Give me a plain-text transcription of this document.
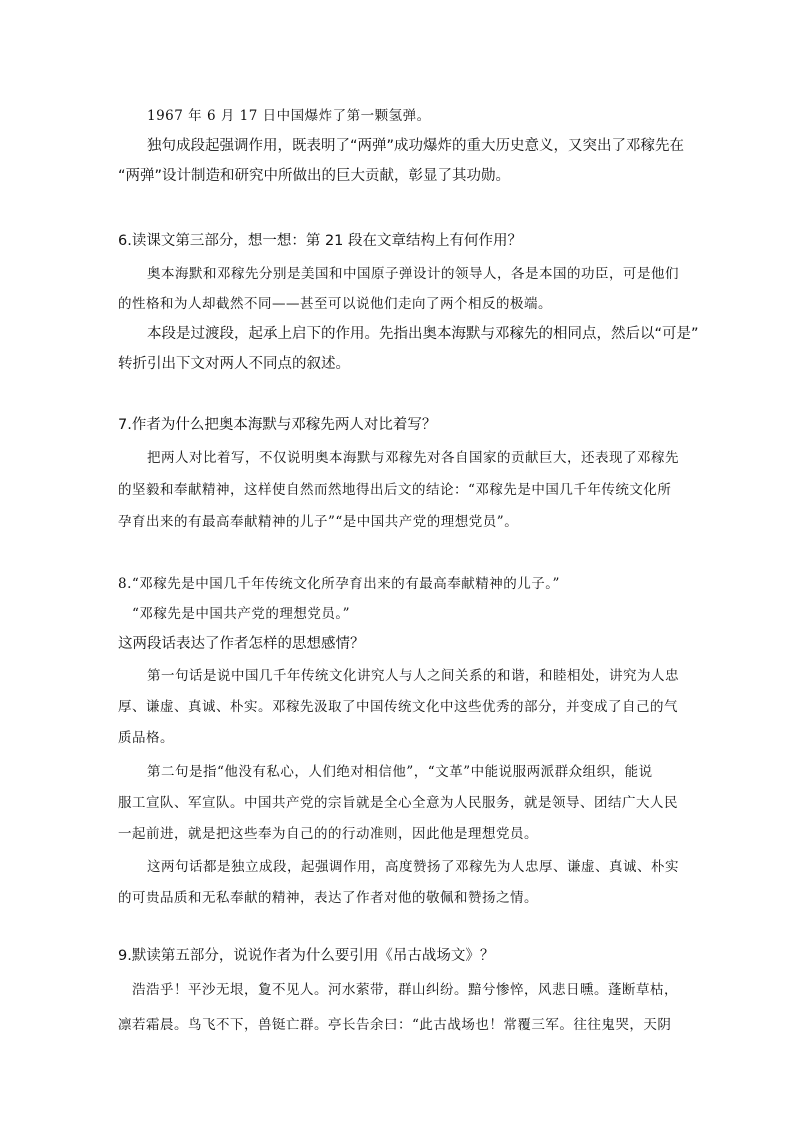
1967 年 6 月 17 日中国爆炸了第一颗氢弹。
独句成段起强调作用，既表明了“两弹”成功爆炸的重大历史意义，又突出了邓稼先在
“两弹”设计制造和研究中所做出的巨大贡献，彰显了其功勋。
6.读课文第三部分，想一想：第 21 段在文章结构上有何作用？
奥本海默和邓稼先分别是美国和中国原子弹设计的领导人，各是本国的功臣，可是他们
的性格和为人却截然不同——甚至可以说他们走向了两个相反的极端。
本段是过渡段，起承上启下的作用。先指出奥本海默与邓稼先的相同点，然后以“可是”
转折引出下文对两人不同点的叙述。
7.作者为什么把奥本海默与邓稼先两人对比着写？
把两人对比着写，不仅说明奥本海默与邓稼先对各自国家的贡献巨大，还表现了邓稼先
的坚毅和奉献精神，这样使自然而然地得出后文的结论：“邓稼先是中国几千年传统文化所
孕育出来的有最高奉献精神的儿子”“是中国共产党的理想党员”。
8.“邓稼先是中国几千年传统文化所孕育出来的有最高奉献精神的儿子。”
“邓稼先是中国共产党的理想党员。”
这两段话表达了作者怎样的思想感情？
第一句话是说中国几千年传统文化讲究人与人之间关系的和谐，和睦相处，讲究为人忠
厚、谦虚、真诚、朴实。邓稼先汲取了中国传统文化中这些优秀的部分，并变成了自己的气
质品格。
第二句是指“他没有私心，人们绝对相信他”，“文革”中能说服两派群众组织，能说
服工宣队、军宣队。中国共产党的宗旨就是全心全意为人民服务，就是领导、团结广大人民
一起前进，就是把这些奉为自己的的行动准则，因此他是理想党员。
这两句话都是独立成段，起强调作用，高度赞扬了邓稼先为人忠厚、谦虚、真诚、朴实
的可贵品质和无私奉献的精神，表达了作者对他的敬佩和赞扬之情。
9.默读第五部分，说说作者为什么要引用《吊古战场文》？
浩浩乎！平沙无垠，夐不见人。河水萦带，群山纠纷。黯兮惨悴，风悲日曛。蓬断草枯，
凛若霜晨。鸟飞不下，兽铤亡群。亭长告余曰：“此古战场也！常覆三军。往往鬼哭，天阴
